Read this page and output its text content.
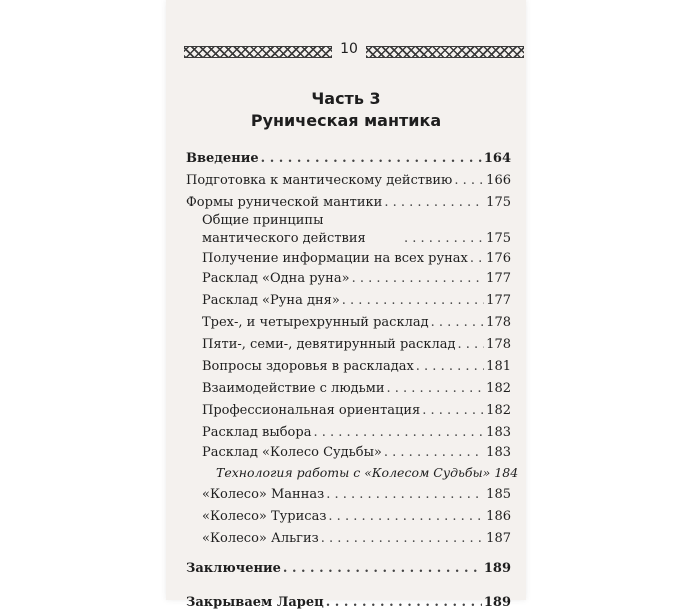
10
Часть 3
Руническая мантика
Введение . . .	164
Подготовка к мантическому действию . . .	166
Формы рунической мантики . . .	175
Общие принципы мантического действия . . .	175
Получение информации на всех рунах . . . 176
Расклад «Одна руна» . . .	177
Расклад «Руна дня» . . .	177
Трех-, и четырехрунный расклад . . .	178
Пяти-, семи-, девятирунный расклад . . . 178
Вопросы здоровья в раскладах . . .	181
Взаимодействие с людьми . . .	182
Профессиональная ориентация . . .	182
Расклад выбора . . .	183
Расклад «Колесо Судьбы» . . .	183
Технология работы с «Колесом Судьбы» 184
«Колесо» Манназ . . .	185
«Колесо» Турисаз . . .	186
«Колесо» Альгиз . . .	187
Заключение . . .	189
Закрываем Ларец . . .	189
